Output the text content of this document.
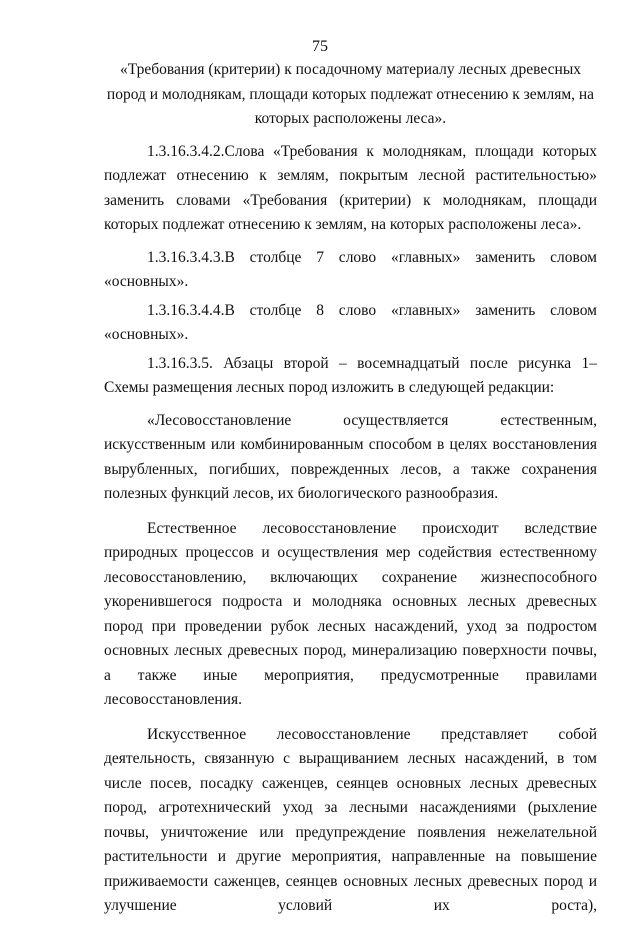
75

«Требования (критерии) к посадочному материалу лесных древесных пород и молоднякам, площади которых подлежат отнесению к землям, на которых расположены леса».

1.3.16.3.4.2.Слова «Требования к молоднякам, площади которых подлежат отнесению к землям, покрытым лесной растительностью» заменить словами «Требования (критерии) к молоднякам, площади которых подлежат отнесению к землям, на которых расположены леса».

1.3.16.3.4.3.В столбце 7 слово «главных» заменить словом «основных».

1.3.16.3.4.4.В столбце 8 слово «главных» заменить словом «основных».

1.3.16.3.5. Абзацы второй – восемнадцатый после рисунка 1– Схемы размещения лесных пород изложить в следующей редакции:

«Лесовосстановление осуществляется естественным, искусственным или комбинированным способом в целях восстановления вырубленных, погибших, поврежденных лесов, а также сохранения полезных функций лесов, их биологического разнообразия.

Естественное лесовосстановление происходит вследствие природных процессов и осуществления мер содействия естественному лесовосстановлению, включающих сохранение жизнеспособного укоренившегося подроста и молодняка основных лесных древесных пород при проведении рубок лесных насаждений, уход за подростом основных лесных древесных пород, минерализацию поверхности почвы, а также иные мероприятия, предусмотренные правилами лесовосстановления.

Искусственное лесовосстановление представляет собой деятельность, связанную с выращиванием лесных насаждений, в том числе посев, посадку саженцев, сеянцев основных лесных древесных пород, агротехнический уход за лесными насаждениями (рыхление почвы, уничтожение или предупреждение появления нежелательной растительности и другие мероприятия, направленные на повышение приживаемости саженцев, сеянцев основных лесных древесных пород и улучшение условий их роста),
